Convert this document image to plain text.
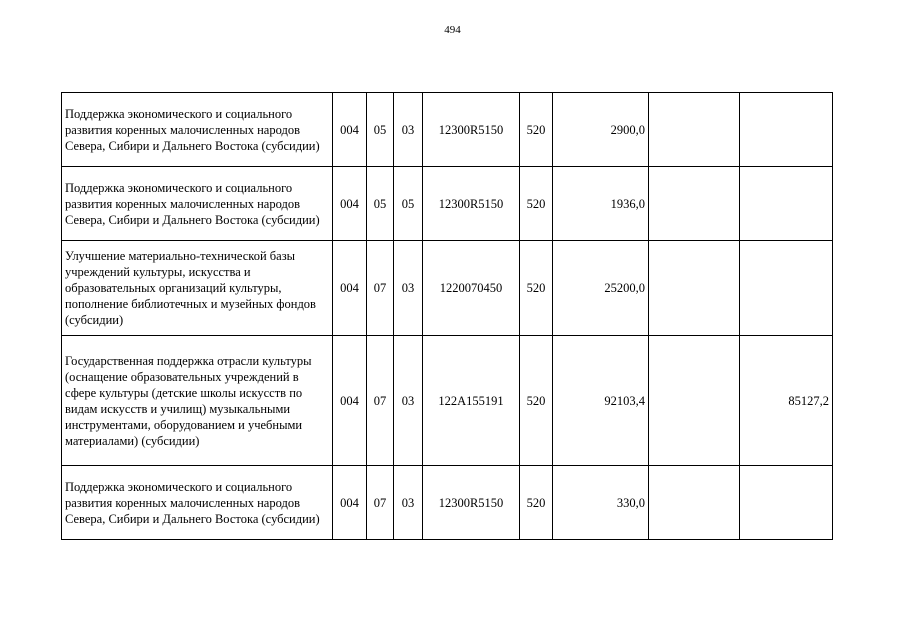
494
Поддержка экономического и социального развития коренных малочисленных народов Севера, Сибири и Дальнего Востока (субсидии)	004	05	03	12300R5150	520	2900,0		
Поддержка экономического и социального развития коренных малочисленных народов Севера, Сибири и Дальнего Востока (субсидии)	004	05	05	12300R5150	520	1936,0		
Улучшение материально-технической базы учреждений культуры, искусства и образовательных организаций культуры, пополнение библиотечных и музейных фондов (субсидии)	004	07	03	1220070450	520	25200,0		
Государственная поддержка отрасли культуры (оснащение образовательных учреждений в сфере культуры (детские школы искусств по видам искусств и училищ) музыкальными инструментами, оборудованием и учебными материалами) (субсидии)	004	07	03	122A155191	520	92103,4		85127,2
Поддержка экономического и социального развития коренных малочисленных народов Севера, Сибири и Дальнего Востока (субсидии)	004	07	03	12300R5150	520	330,0		
